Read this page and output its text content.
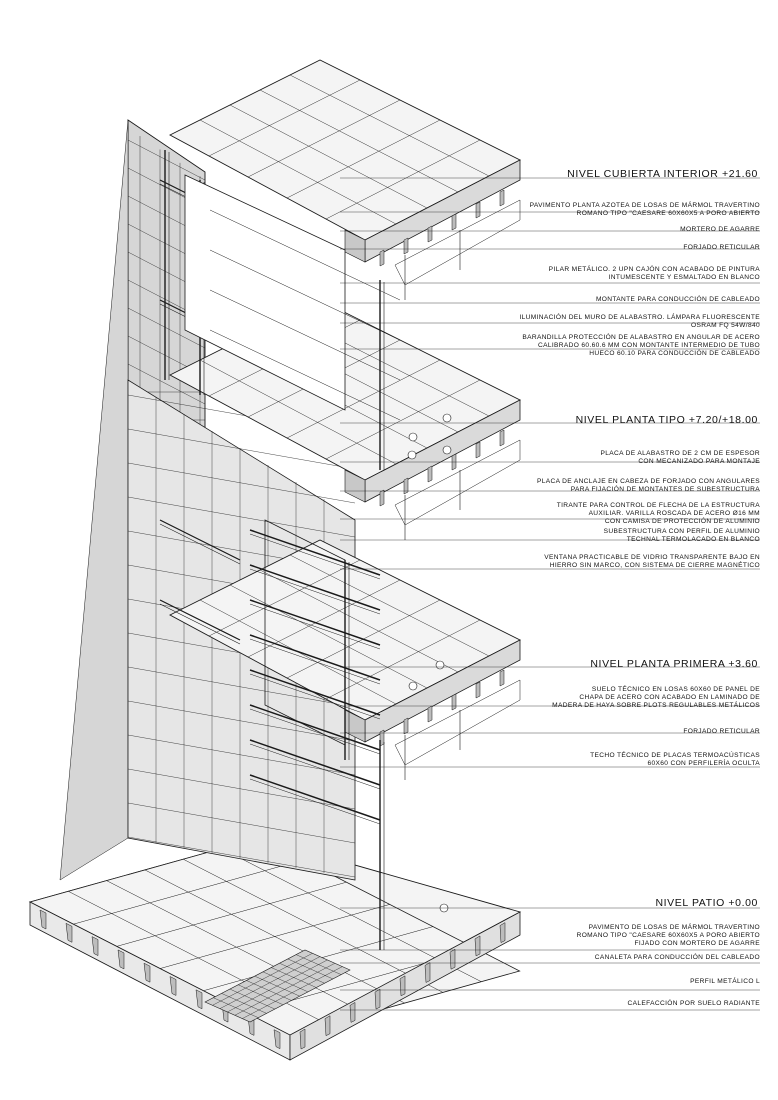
NIVEL CUBIERTA INTERIOR +21.60
NIVEL PLANTA TIPO +7.20/+18.00
NIVEL PLANTA PRIMERA +3.60
NIVEL PATIO +0.00
PAVIMENTO PLANTA AZOTEA DE LOSAS DE MÁRMOL TRAVERTINO
ROMANO TIPO "CAESARE 60X60X5 A PORO ABIERTO
MORTERO DE AGARRE
FORJADO RETICULAR
PILAR METÁLICO. 2 UPN CAJÓN CON ACABADO DE PINTURA
INTUMESCENTE Y ESMALTADO EN BLANCO
MONTANTE PARA CONDUCCIÓN DE CABLEADO
ILUMINACIÓN DEL MURO DE ALABASTRO. LÁMPARA FLUORESCENTE
OSRAM FQ 54W/840
BARANDILLA PROTECCIÓN DE ALABASTRO EN ANGULAR DE ACERO
CALIBRADO 60.60.6 MM CON MONTANTE INTERMEDIO DE TUBO
HUECO 60.10 PARA CONDUCCIÓN DE CABLEADO
PLACA DE ALABASTRO DE 2 CM DE ESPESOR
CON MECANIZADO PARA MONTAJE
PLACA DE ANCLAJE EN CABEZA DE FORJADO CON ANGULARES
PARA FIJACIÓN DE MONTANTES DE SUBESTRUCTURA
TIRANTE PARA CONTROL DE FLECHA DE LA ESTRUCTURA
AUXILIAR. VARILLA ROSCADA DE ACERO Ø16 MM
CON CAMISA DE PROTECCIÓN DE ALUMINIO
SUBESTRUCTURA CON PERFIL DE ALUMINIO
TECHNAL TERMOLACADO EN BLANCO
VENTANA PRACTICABLE DE VIDRIO TRANSPARENTE BAJO EN
HIERRO SIN MARCO, CON SISTEMA DE CIERRE MAGNÉTICO
SUELO TÉCNICO EN LOSAS 60X60 DE PANEL DE
CHAPA DE ACERO CON ACABADO EN LAMINADO DE
MADERA DE HAYA SOBRE PLOTS REGULABLES METÁLICOS
FORJADO RETICULAR
TECHO TÉCNICO DE PLACAS TERMOACÚSTICAS
60X60 CON PERFILERÍA OCULTA
PAVIMENTO DE LOSAS DE MÁRMOL TRAVERTINO
ROMANO TIPO "CAESARE 60X60X5 A PORO ABIERTO
FIJADO CON MORTERO DE AGARRE
CANALETA PARA CONDUCCIÓN DEL CABLEADO
PERFIL METÁLICO L
CALEFACCIÓN POR SUELO RADIANTE
